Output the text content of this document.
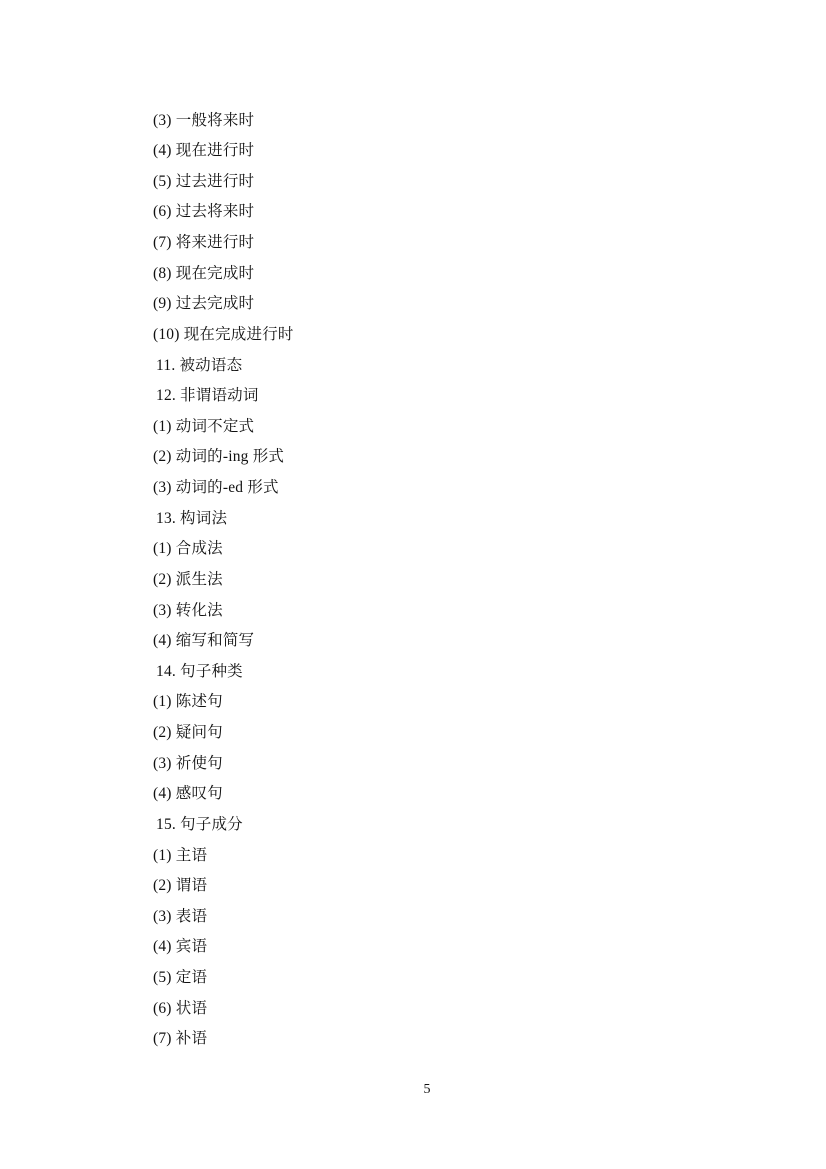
(3) 一般将来时
(4) 现在进行时
(5) 过去进行时
(6) 过去将来时
(7) 将来进行时
(8) 现在完成时
(9) 过去完成时
(10) 现在完成进行时
11. 被动语态
12. 非谓语动词
(1) 动词不定式
(2) 动词的-ing 形式
(3) 动词的-ed 形式
13. 构词法
(1) 合成法
(2) 派生法
(3) 转化法
(4) 缩写和简写
14. 句子种类
(1) 陈述句
(2) 疑问句
(3) 祈使句
(4) 感叹句
15. 句子成分
(1) 主语
(2) 谓语
(3) 表语
(4) 宾语
(5) 定语
(6) 状语
(7) 补语
5
